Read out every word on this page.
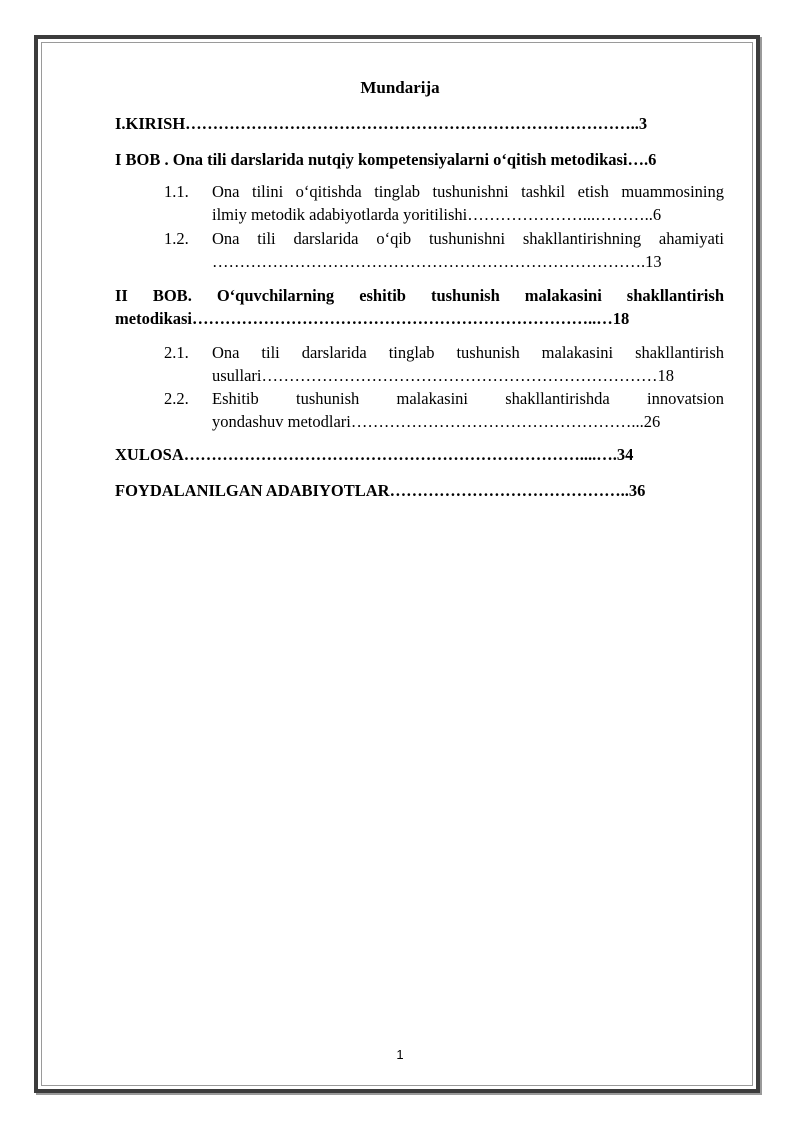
Mundarija
I.KIRISH………………………………………………………………………..3
I BOB . Ona tili darslarida nutqiy kompetensiyalarni o‘qitish metodikasi….6
1.1. Ona tilini o‘qitishda tinglab tushunishni tashkil etish muammosining
ilmiy metodik adabiyotlarda yoritilishi…………………...………..6
1.2. Ona tili darslarida o‘qib tushunishni shakllantirishning ahamiyati
…………………………………………………………………….13
II BOB. O‘quvchilarning eshitib tushunish malakasini shakllantirish
metodikasi………………………………………………………………..…18
2.1. Ona tili darslarida tinglab tushunish malakasini shakllantirish
usullari………………………………………………………………18
2.2. Eshitib tushunish malakasini shakllantirishda innovatsion
yondashuv metodlari……………………………………………...26
XULOSA………………………………………………………………....….34
FOYDALANILGAN ADABIYOTLAR……………………………………..36
1
